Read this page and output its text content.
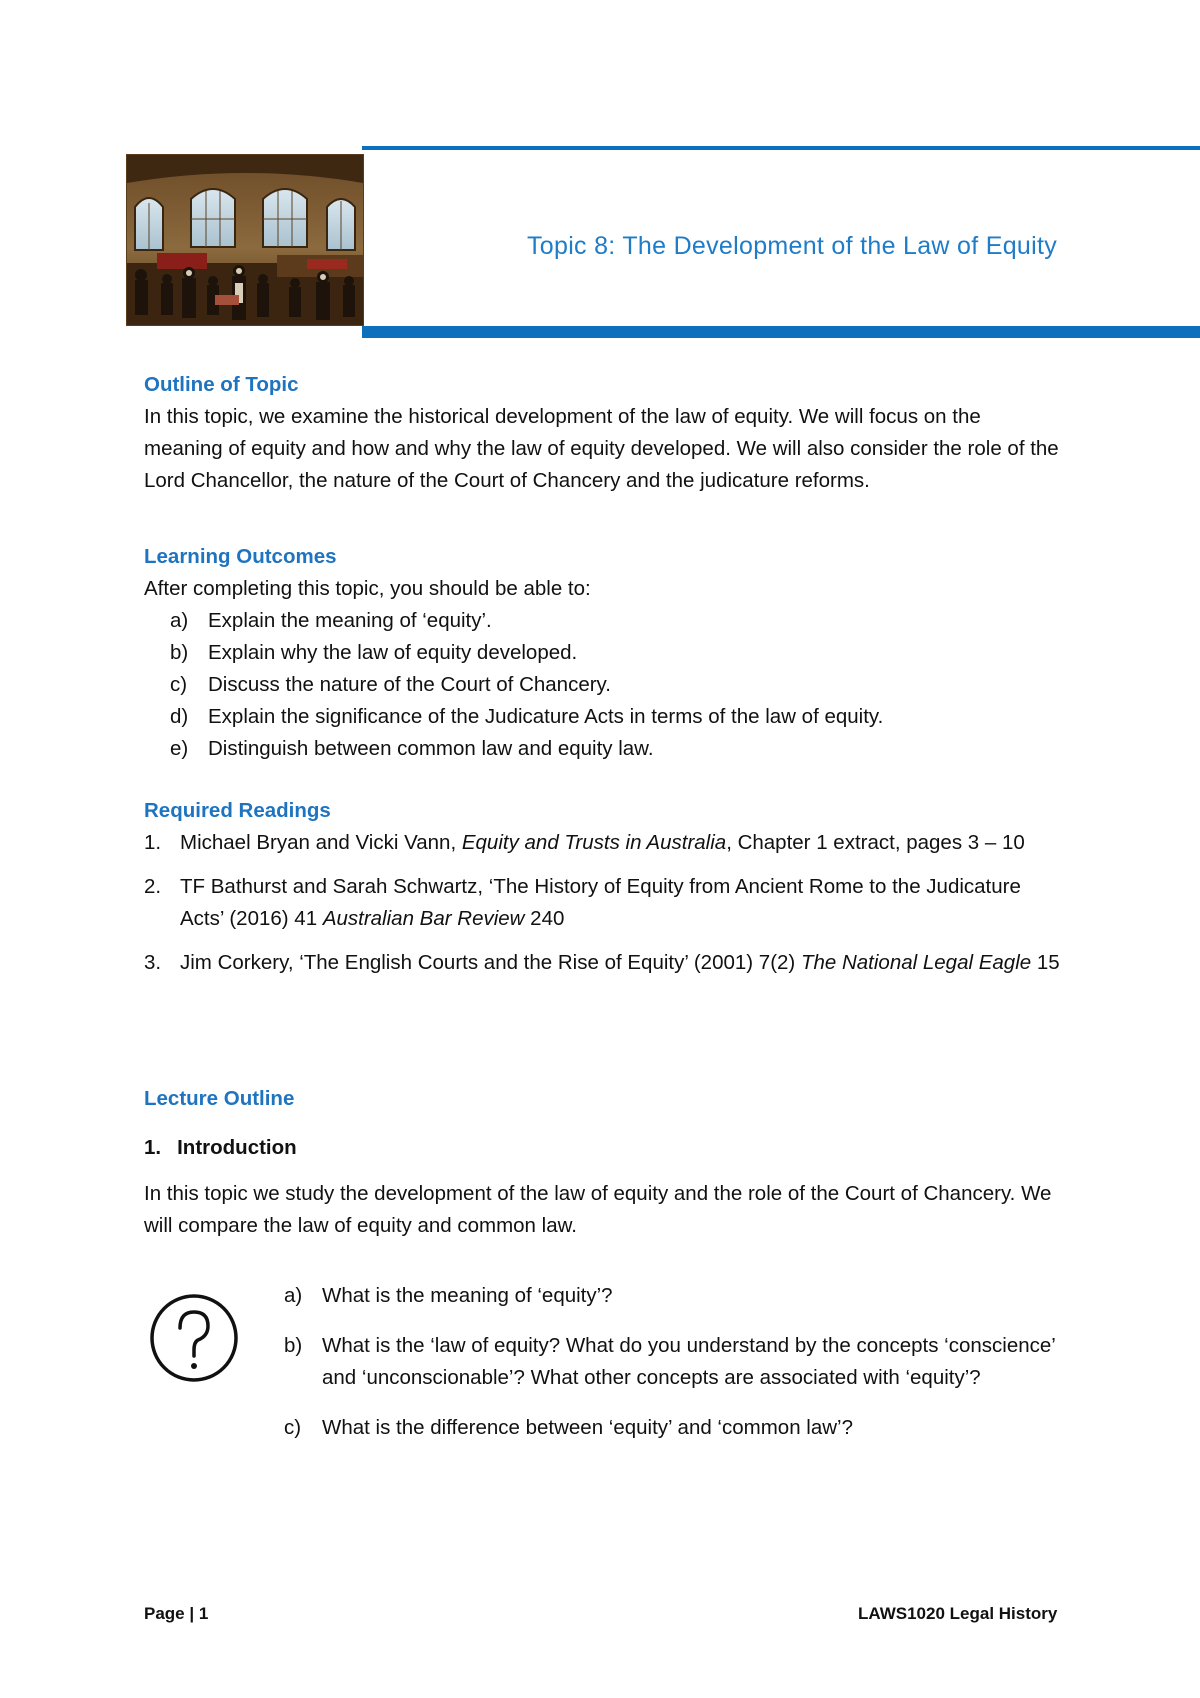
Topic 8: The Development of the Law of Equity
Outline of Topic
In this topic, we examine the historical development of the law of equity. We will focus on the meaning of equity and how and why the law of equity developed. We will also consider the role of the Lord Chancellor, the nature of the Court of Chancery and the judicature reforms.
Learning Outcomes
After completing this topic, you should be able to:
a) Explain the meaning of ‘equity’.
b) Explain why the law of equity developed.
c) Discuss the nature of the Court of Chancery.
d) Explain the significance of the Judicature Acts in terms of the law of equity.
e) Distinguish between common law and equity law.
Required Readings
1. Michael Bryan and Vicki Vann, Equity and Trusts in Australia, Chapter 1 extract, pages 3 – 10
2. TF Bathurst and Sarah Schwartz, ‘The History of Equity from Ancient Rome to the Judicature Acts’ (2016) 41 Australian Bar Review 240
3. Jim Corkery, ‘The English Courts and the Rise of Equity’ (2001) 7(2) The National Legal Eagle 15
Lecture Outline
1. Introduction
In this topic we study the development of the law of equity and the role of the Court of Chancery. We will compare the law of equity and common law.
a) What is the meaning of ‘equity’?
b) What is the ‘law of equity? What do you understand by the concepts ‘conscience’ and ‘unconscionable’? What other concepts are associated with ‘equity’?
c) What is the difference between ‘equity’ and ‘common law’?
Page | 1	LAWS1020 Legal History
